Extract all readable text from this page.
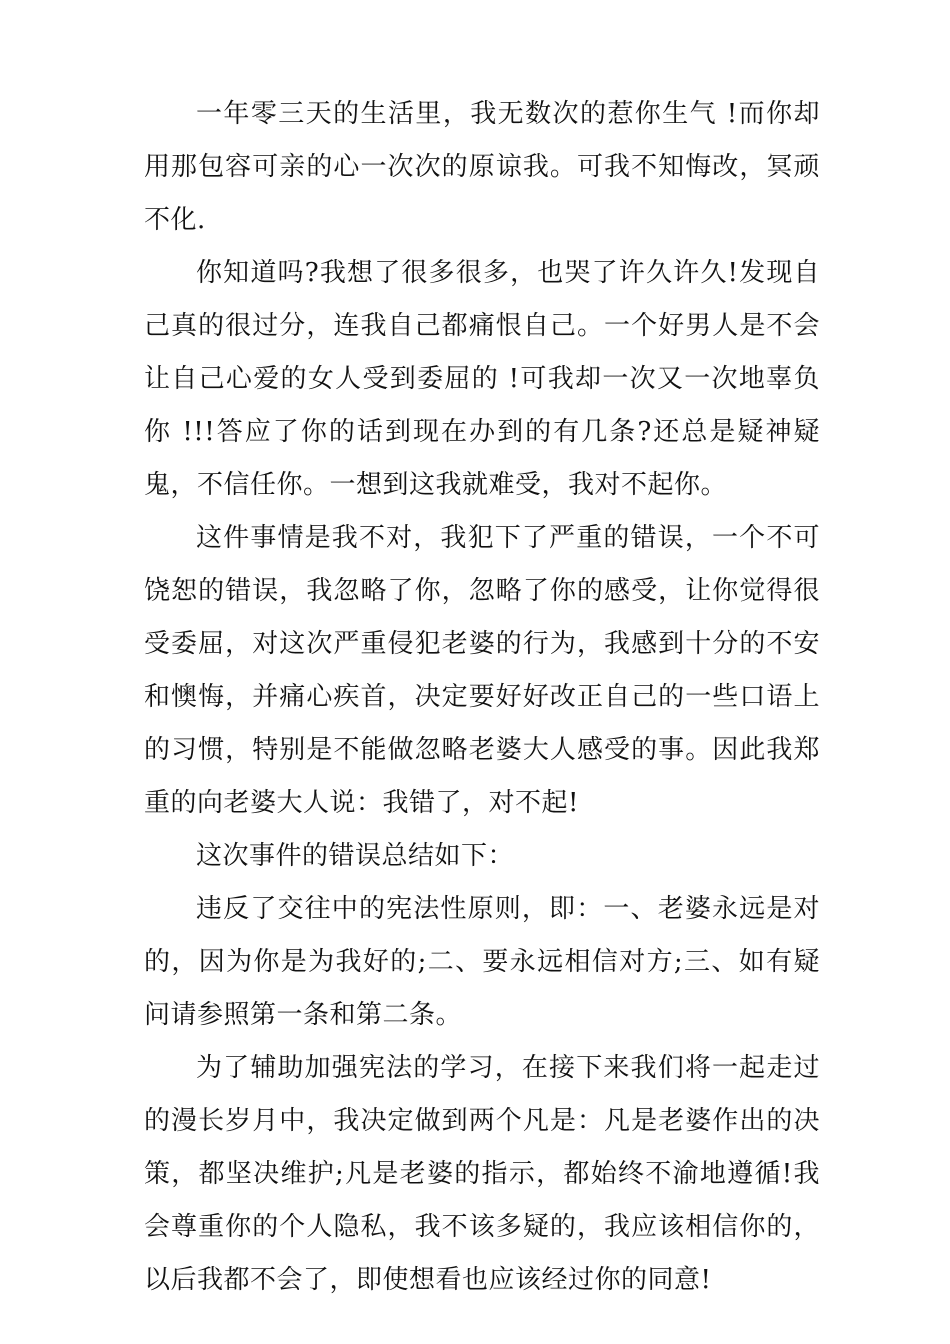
一年零三天的生活里，我无数次的惹你生气 !而你却用那包容可亲的心一次次的原谅我。可我不知悔改，冥顽不化.

你知道吗?我想了很多很多，也哭了许久许久!发现自己真的很过分，连我自己都痛恨自己。一个好男人是不会让自己心爱的女人受到委屈的 !可我却一次又一次地辜负你 !!!答应了你的话到现在办到的有几条?还总是疑神疑鬼，不信任你。一想到这我就难受，我对不起你。

这件事情是我不对，我犯下了严重的错误，一个不可饶恕的错误，我忽略了你，忽略了你的感受，让你觉得很受委屈，对这次严重侵犯老婆的行为，我感到十分的不安和懊悔，并痛心疾首，决定要好好改正自己的一些口语上的习惯，特别是不能做忽略老婆大人感受的事。因此我郑重的向老婆大人说：我错了，对不起!

这次事件的错误总结如下：

违反了交往中的宪法性原则，即：一、老婆永远是对的，因为你是为我好的;二、要永远相信对方;三、如有疑问请参照第一条和第二条。

为了辅助加强宪法的学习，在接下来我们将一起走过的漫长岁月中，我决定做到两个凡是：凡是老婆作出的决策，都坚决维护;凡是老婆的指示，都始终不渝地遵循!我会尊重你的个人隐私，我不该多疑的，我应该相信你的，以后我都不会了，即使想看也应该经过你的同意!
